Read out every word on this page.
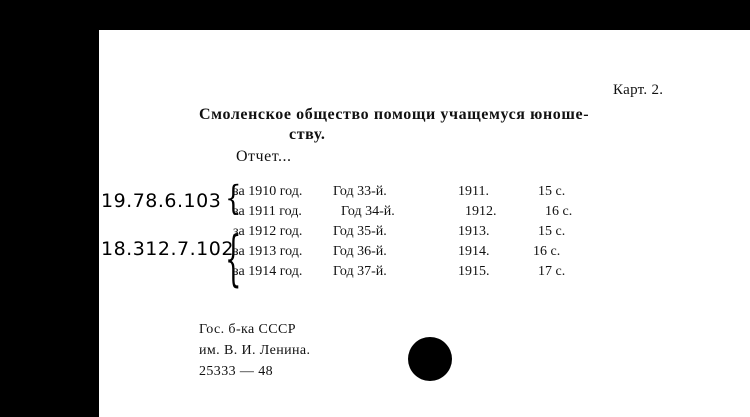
Карт. 2.
Смоленское общество помощи учащемуся юноше-
ству.
Отчет...
19.78.6.103
18.312.7.102
{
{
за 1910 год. Год 33-й.	1911.	15 с.
за 1911 год.	Год 34-й.	1912.	16 с.
за 1912 год. Год 35-й.	1913.	15 с.
за 1913 год. Год 36-й.	1914.	16 с.
за 1914 год. Год 37-й.	1915.	17 с.
Гос. б-ка СССР
им. В. И. Ленина.
25333 — 48
